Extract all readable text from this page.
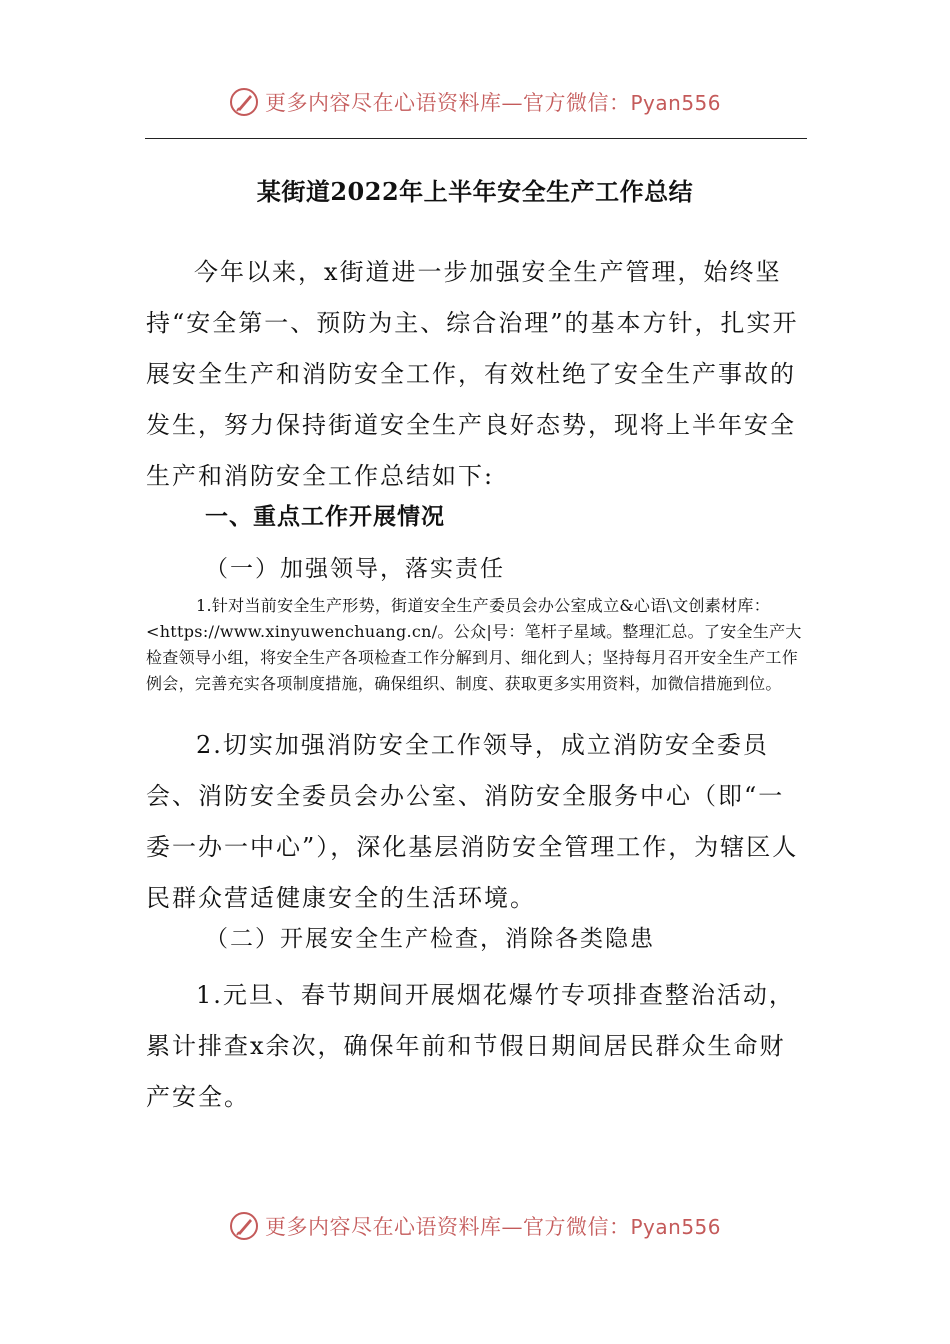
更多内容尽在心语资料库—官方微信：Pyan556
某街道2022年上半年安全生产工作总结
今年以来，x街道进一步加强安全生产管理，始终坚持“安全第一、预防为主、综合治理”的基本方针，扎实开展安全生产和消防安全工作，有效杜绝了安全生产事故的发生，努力保持街道安全生产良好态势，现将上半年安全生产和消防安全工作总结如下:
一、重点工作开展情况
（一）加强领导，落实责任
1.针对当前安全生产形势，街道安全生产委员会办公室成立&心语\文创素材库：<https://www.xinyuwenchuang.cn/。公众|号：笔杆子星域。整理汇总。了安全生产大检查领导小组，将安全生产各项检查工作分解到月、细化到人；坚持每月召开安全生产工作例会，完善充实各项制度措施，确保组织、制度、获取更多实用资料，加微信措施到位。
2.切实加强消防安全工作领导，成立消防安全委员会、消防安全委员会办公室、消防安全服务中心（即“一委一办一中心”），深化基层消防安全管理工作，为辖区人民群众营适健康安全的生活环境。
（二）开展安全生产检查，消除各类隐患
1.元旦、春节期间开展烟花爆竹专项排查整治活动，累计排查x余次，确保年前和节假日期间居民群众生命财产安全。
更多内容尽在心语资料库—官方微信：Pyan556
